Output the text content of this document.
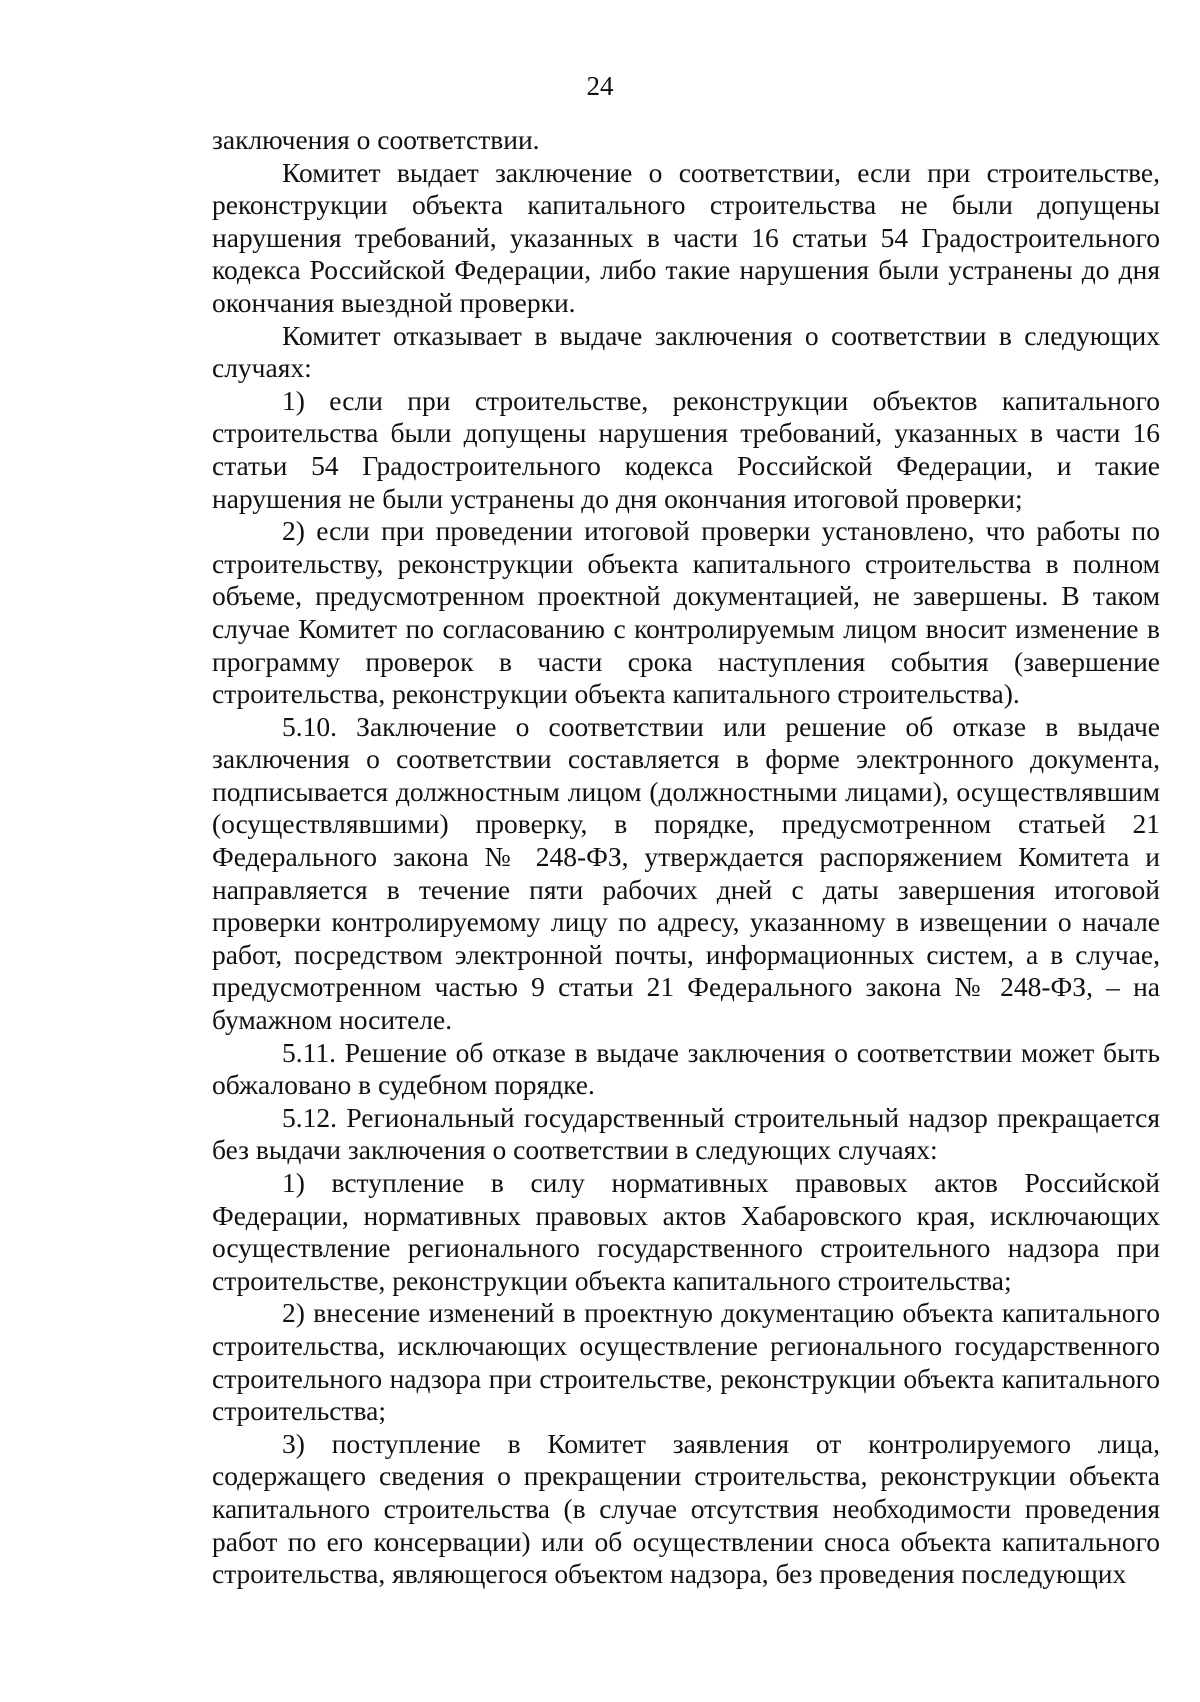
24

заключения о соответствии.

Комитет выдает заключение о соответствии, если при строительстве, реконструкции объекта капитального строительства не были допущены нарушения требований, указанных в части 16 статьи 54 Градостроительного кодекса Российской Федерации, либо такие нарушения были устранены до дня окончания выездной проверки.

Комитет отказывает в выдаче заключения о соответствии в следующих случаях:

1) если при строительстве, реконструкции объектов капитального строительства были допущены нарушения требований, указанных в части 16 статьи 54 Градостроительного кодекса Российской Федерации, и такие нарушения не были устранены до дня окончания итоговой проверки;

2) если при проведении итоговой проверки установлено, что работы по строительству, реконструкции объекта капитального строительства в полном объеме, предусмотренном проектной документацией, не завершены. В таком случае Комитет по согласованию с контролируемым лицом вносит изменение в программу проверок в части срока наступления события (завершение строительства, реконструкции объекта капитального строительства).

5.10. Заключение о соответствии или решение об отказе в выдаче заключения о соответствии составляется в форме электронного документа, подписывается должностным лицом (должностными лицами), осуществлявшим (осуществлявшими) проверку, в порядке, предусмотренном статьей 21 Федерального закона № 248-ФЗ, утверждается распоряжением Комитета и направляется в течение пяти рабочих дней с даты завершения итоговой проверки контролируемому лицу по адресу, указанному в извещении о начале работ, посредством электронной почты, информационных систем, а в случае, предусмотренном частью 9 статьи 21 Федерального закона № 248-ФЗ, – на бумажном носителе.

5.11. Решение об отказе в выдаче заключения о соответствии может быть обжаловано в судебном порядке.

5.12. Региональный государственный строительный надзор прекращается без выдачи заключения о соответствии в следующих случаях:

1) вступление в силу нормативных правовых актов Российской Федерации, нормативных правовых актов Хабаровского края, исключающих осуществление регионального государственного строительного надзора при строительстве, реконструкции объекта капитального строительства;

2) внесение изменений в проектную документацию объекта капитального строительства, исключающих осуществление регионального государственного строительного надзора при строительстве, реконструкции объекта капитального строительства;

3) поступление в Комитет заявления от контролируемого лица, содержащего сведения о прекращении строительства, реконструкции объекта капитального строительства (в случае отсутствия необходимости проведения работ по его консервации) или об осуществлении сноса объекта капитального строительства, являющегося объектом надзора, без проведения последующих
